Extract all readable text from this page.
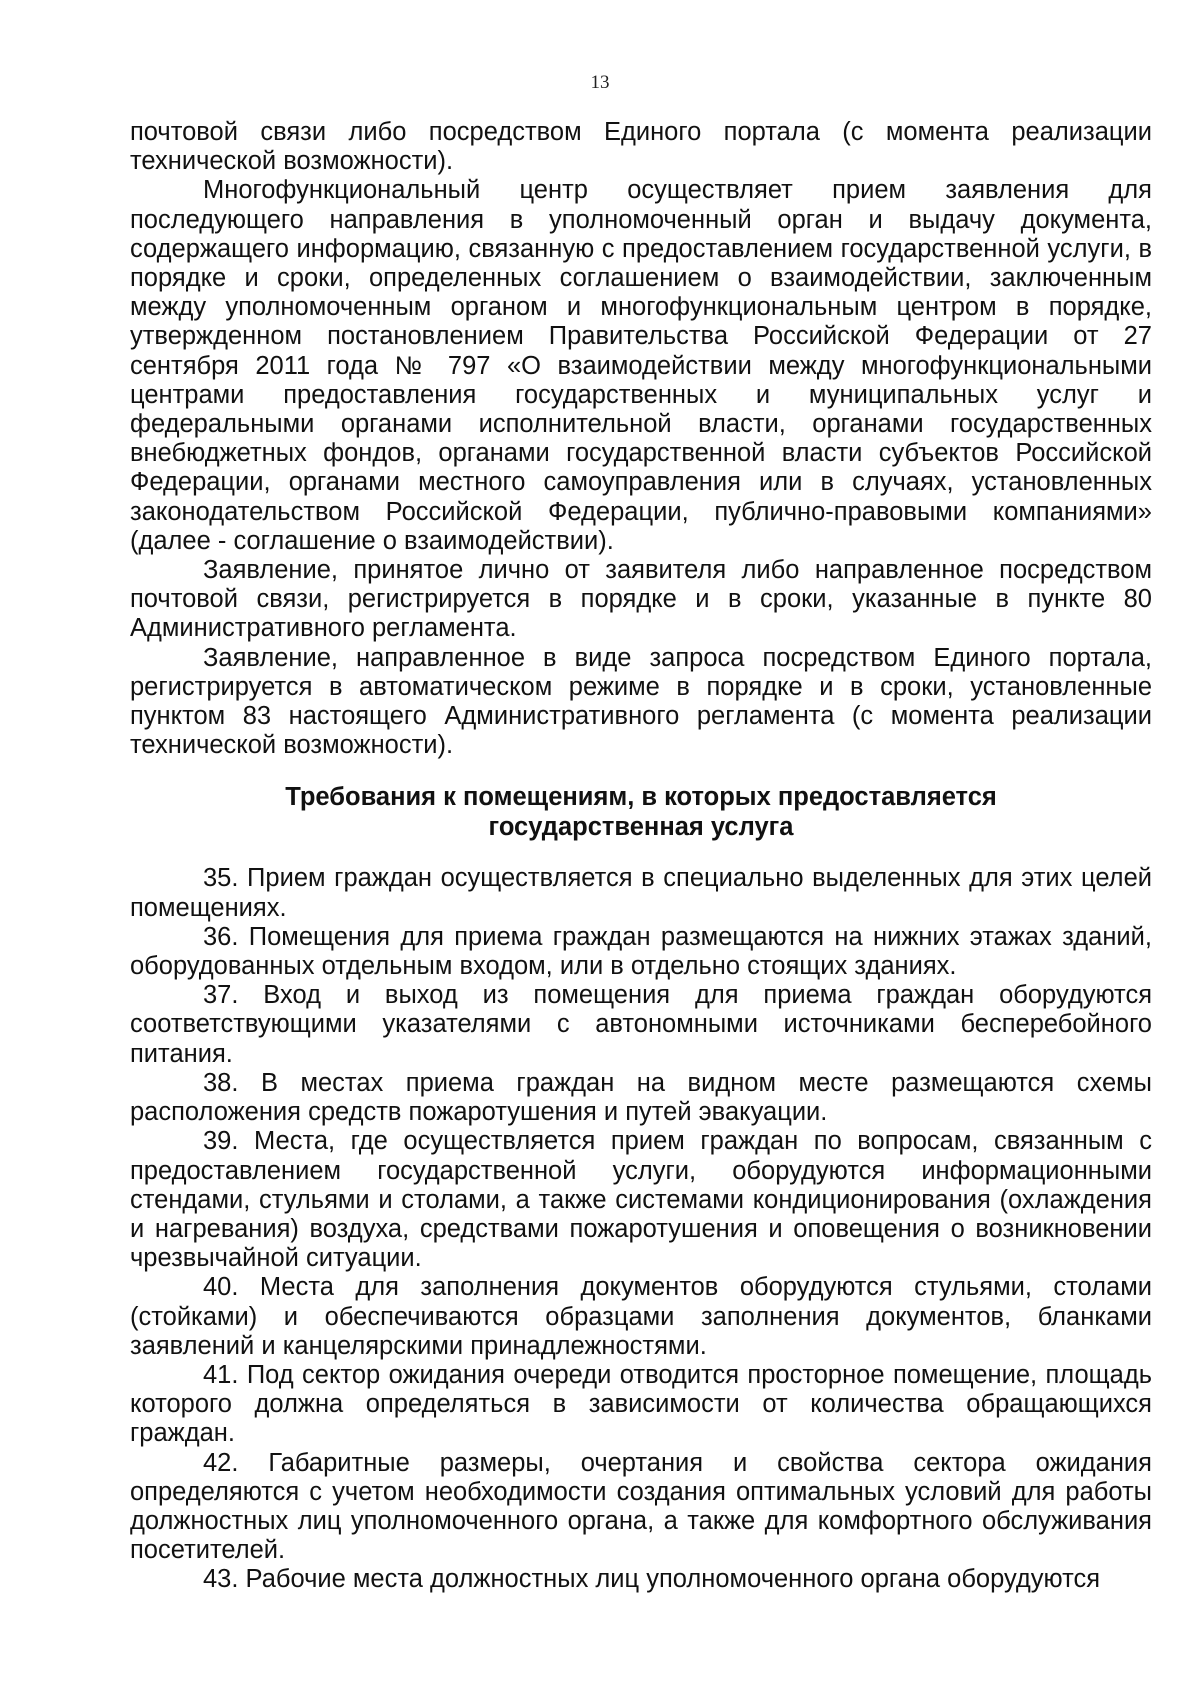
13

почтовой связи либо посредством Единого портала (с момента реализации технической возможности).

Многофункциональный центр осуществляет прием заявления для последующего направления в уполномоченный орган и выдачу документа, содержащего информацию, связанную с предоставлением государственной услуги, в порядке и сроки, определенных соглашением о взаимодействии, заключенным между уполномоченным органом и многофункциональным центром в порядке, утвержденном постановлением Правительства Российской Федерации от 27 сентября 2011 года № 797 «О взаимодействии между многофункциональными центрами предоставления государственных и муниципальных услуг и федеральными органами исполнительной власти, органами государственных внебюджетных фондов, органами государственной власти субъектов Российской Федерации, органами местного самоуправления или в случаях, установленных законодательством Российской Федерации, публично-правовыми компаниями» (далее - соглашение о взаимодействии).

Заявление, принятое лично от заявителя либо направленное посредством почтовой связи, регистрируется в порядке и в сроки, указанные в пункте 80 Административного регламента.

Заявление, направленное в виде запроса посредством Единого портала, регистрируется в автоматическом режиме в порядке и в сроки, установленные пунктом 83 настоящего Административного регламента (с момента реализации технической возможности).

Требования к помещениям, в которых предоставляется
государственная услуга

35. Прием граждан осуществляется в специально выделенных для этих целей помещениях.

36. Помещения для приема граждан размещаются на нижних этажах зданий, оборудованных отдельным входом, или в отдельно стоящих зданиях.

37. Вход и выход из помещения для приема граждан оборудуются соответствующими указателями с автономными источниками бесперебойного питания.

38. В местах приема граждан на видном месте размещаются схемы расположения средств пожаротушения и путей эвакуации.

39. Места, где осуществляется прием граждан по вопросам, связанным с предоставлением государственной услуги, оборудуются информационными стендами, стульями и столами, а также системами кондиционирования (охлаждения и нагревания) воздуха, средствами пожаротушения и оповещения о возникновении чрезвычайной ситуации.

40. Места для заполнения документов оборудуются стульями, столами (стойками) и обеспечиваются образцами заполнения документов, бланками заявлений и канцелярскими принадлежностями.

41. Под сектор ожидания очереди отводится просторное помещение, площадь которого должна определяться в зависимости от количества обращающихся граждан.

42. Габаритные размеры, очертания и свойства сектора ожидания определяются с учетом необходимости создания оптимальных условий для работы должностных лиц уполномоченного органа, а также для комфортного обслуживания посетителей.

43. Рабочие места должностных лиц уполномоченного органа оборудуются
